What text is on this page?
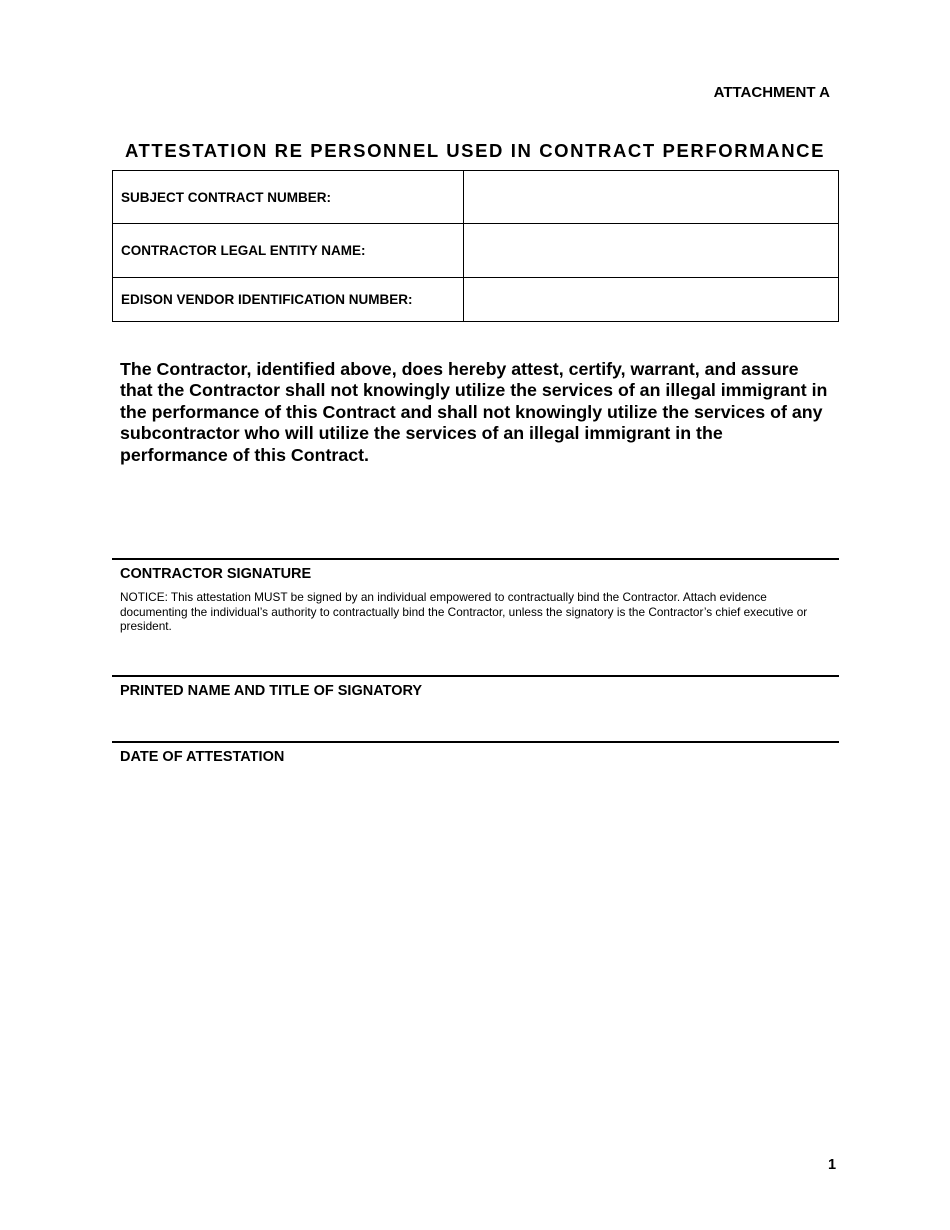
ATTACHMENT A
ATTESTATION RE PERSONNEL USED IN CONTRACT PERFORMANCE
SUBJECT CONTRACT NUMBER:	

CONTRACTOR LEGAL ENTITY NAME:	

EDISON VENDOR IDENTIFICATION NUMBER:	

The Contractor, identified above, does hereby attest, certify, warrant, and assure that the Contractor shall not knowingly utilize the services of an illegal immigrant in the performance of this Contract and shall not knowingly utilize the services of any subcontractor who will utilize the services of an illegal immigrant in the performance of this Contract.

CONTRACTOR SIGNATURE
NOTICE: This attestation MUST be signed by an individual empowered to contractually bind the Contractor. Attach evidence documenting the individual’s authority to contractually bind the Contractor, unless the signatory is the Contractor’s chief executive or president.
PRINTED NAME AND TITLE OF SIGNATORY
DATE OF ATTESTATION
1
